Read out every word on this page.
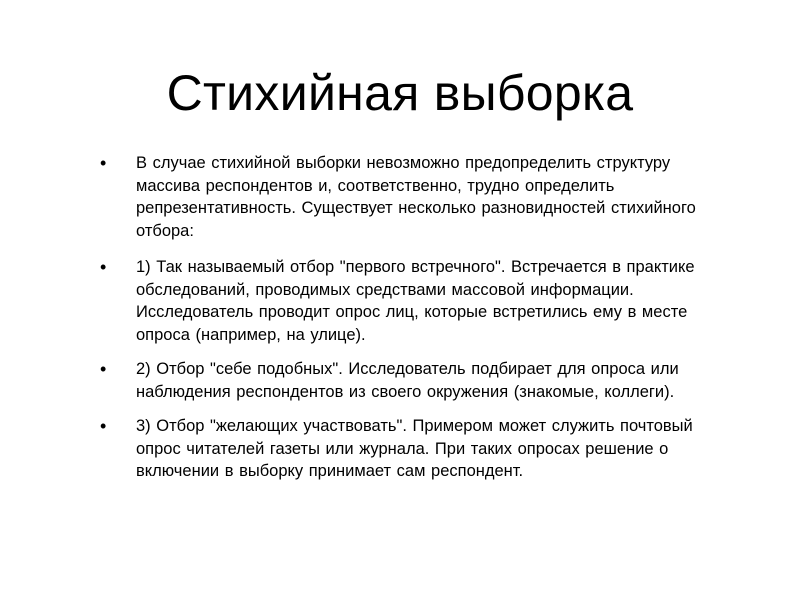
Стихийная выборка
• В случае стихийной выборки невозможно предопределить структуру массива респондентов и, соответственно, трудно определить репрезентативность. Существует несколько разновидностей стихийного отбора:
• 1) Так называемый отбор "первого встречного". Встречается в практике обследований, проводимых средствами массовой информации. Исследователь проводит опрос лиц, которые встретились ему в месте опроса (например, на улице).
• 2) Отбор "себе подобных". Исследователь подбирает для опроса или наблюдения респондентов из своего окружения (знакомые, коллеги).
• 3) Отбор "желающих участвовать". Примером может служить почтовый опрос читателей газеты или журнала. При таких опросах решение о включении в выборку принимает сам респондент.
